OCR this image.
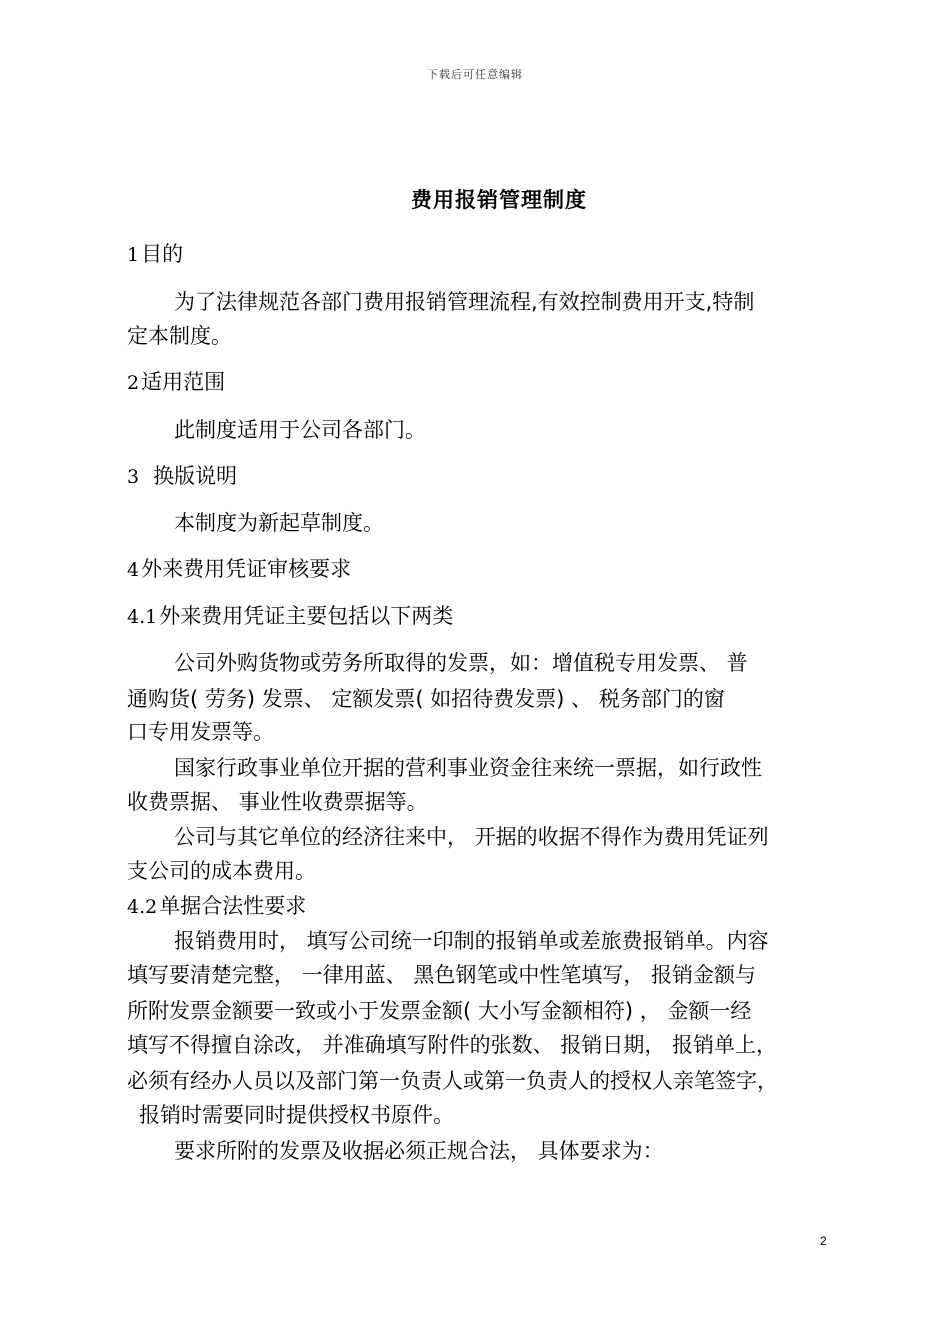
下载后可任意编辑
费用报销管理制度
1目的
为了法律规范各部门费用报销管理流程,有效控制费用开支,特制
定本制度。
2适用范围
此制度适用于公司各部门。
3 换版说明
本制度为新起草制度。
4外来费用凭证审核要求
4.1外来费用凭证主要包括以下两类
公司外购货物或劳务所取得的发票，如：增值税专用发票、 普
通购货( 劳务) 发票、 定额发票( 如招待费发票) 、 税务部门的窗
口专用发票等。
国家行政事业单位开据的营利事业资金往来统一票据，如行政性
收费票据、 事业性收费票据等。
公司与其它单位的经济往来中， 开据的收据不得作为费用凭证列
支公司的成本费用。
4.2单据合法性要求
报销费用时， 填写公司统一印制的报销单或差旅费报销单。内容
填写要清楚完整， 一律用蓝、 黑色钢笔或中性笔填写， 报销金额与
所附发票金额要一致或小于发票金额( 大小写金额相符) ， 金额一经
填写不得擅自涂改， 并准确填写附件的张数、 报销日期， 报销单上，
必须有经办人员以及部门第一负责人或第一负责人的授权人亲笔签字，
报销时需要同时提供授权书原件。
要求所附的发票及收据必须正规合法， 具体要求为：
2
